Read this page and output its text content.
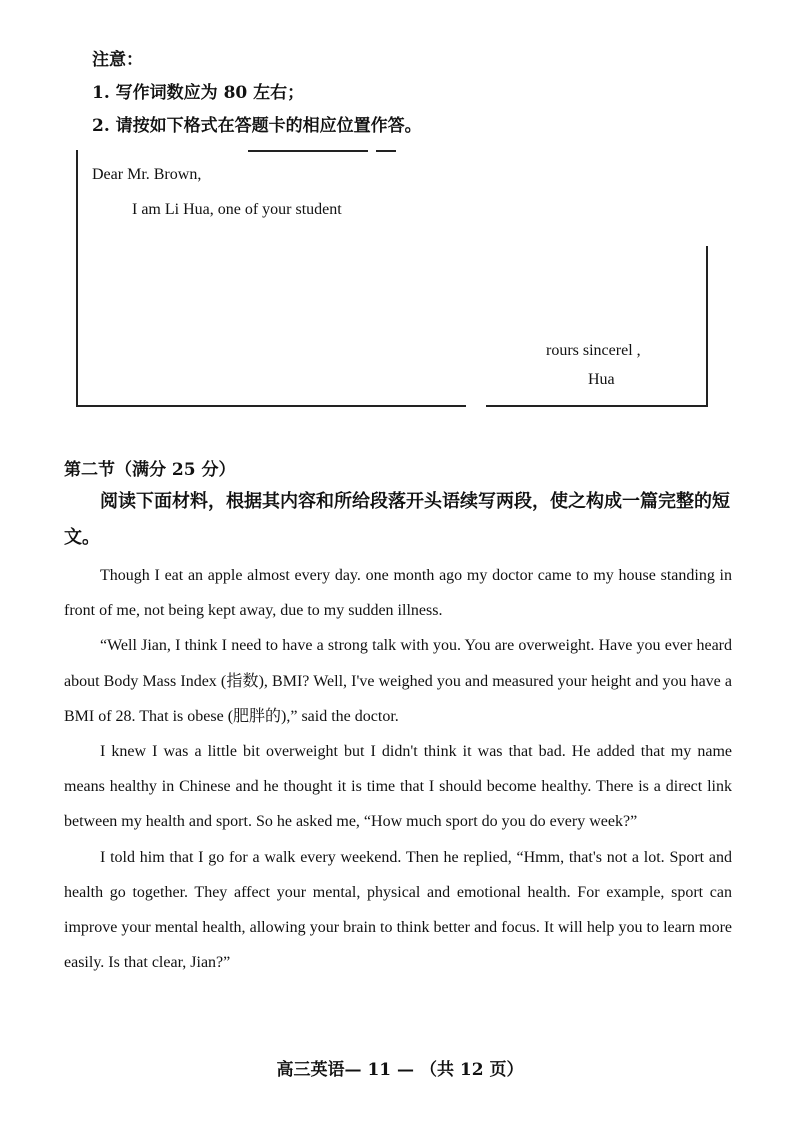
注意：
1. 写作词数应为 80 左右；
2. 请按如下格式在答题卡的相应位置作答。
Dear Mr. Brown,
I am Li Hua, one of your student
rours sincerel ,
Hua
第二节（满分 25 分）
阅读下面材料，根据其内容和所给段落开头语续写两段，使之构成一篇完整的短文。

Though I eat an apple almost every day. one month ago my doctor came to my house standing in front of me, not being kept away, due to my sudden illness.

“Well Jian, I think I need to have a strong talk with you. You are overweight. Have you ever heard about Body Mass Index (指数), BMI? Well, I've weighed you and measured your height and you have a BMI of 28. That is obese (肥胖的),” said the doctor.

I knew I was a little bit overweight but I didn't think it was that bad. He added that my name means healthy in Chinese and he thought it is time that I should become healthy. There is a direct link between my health and sport. So he asked me, “How much sport do you do every week?”

I told him that I go for a walk every weekend. Then he replied, “Hmm, that's not a lot. Sport and health go together. They affect your mental, physical and emotional health. For example, sport can improve your mental health, allowing your brain to think better and focus. It will help you to learn more easily. Is that clear, Jian?”

高三英语— 11 — （共 12 页）
